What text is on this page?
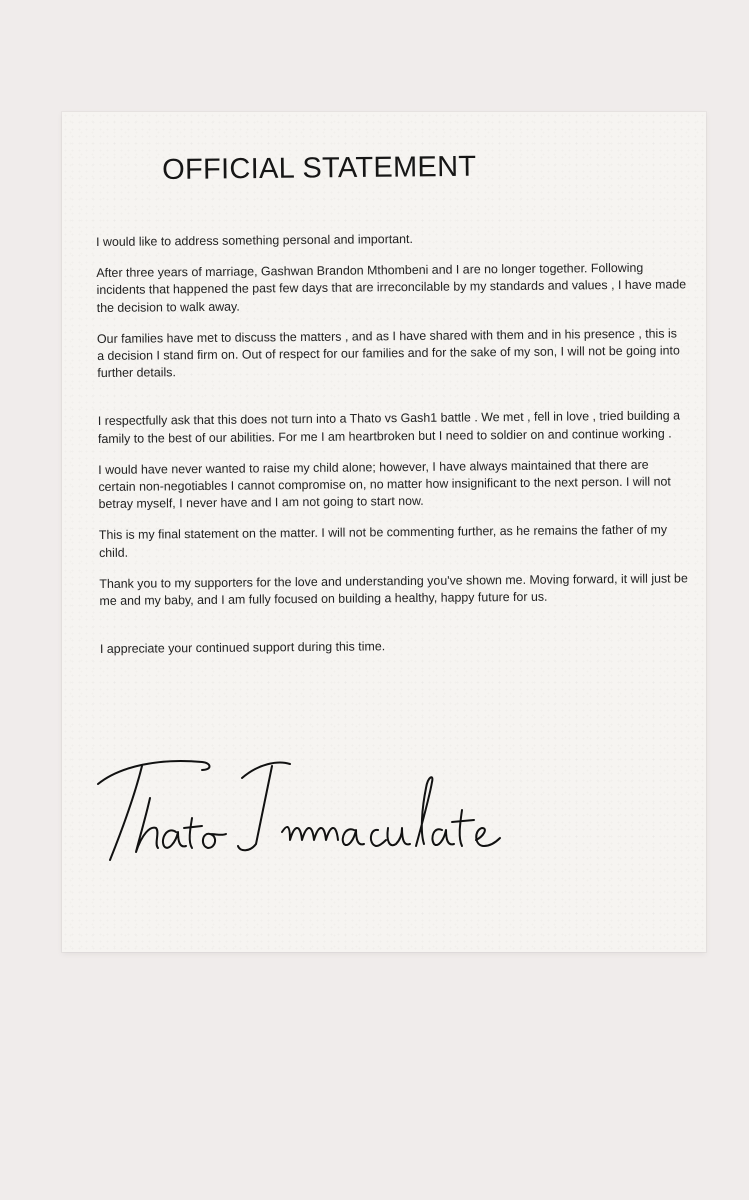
OFFICIAL STATEMENT

I would like to address something personal and important.

After three years of marriage, Gashwan Brandon Mthombeni and I are no longer together. Following incidents that happened the past few days that are irreconcilable by my standards and values , I have made the decision to walk away.

Our families have met to discuss the matters , and as I have shared with them and in his presence , this is a decision I stand firm on. Out of respect for our families and for the sake of my son, I will not be going into further details.

I respectfully ask that this does not turn into a Thato vs Gash1 battle . We met , fell in love , tried building a family to the best of our abilities. For me I am heartbroken but I need to soldier on and continue working .

I would have never wanted to raise my child alone; however, I have always maintained that there are certain non-negotiables I cannot compromise on, no matter how insignificant to the next person. I will not betray myself, I never have and I am not going to start now.

This is my final statement on the matter. I will not be commenting further, as he remains the father of my child.

Thank you to my supporters for the love and understanding you've shown me. Moving forward, it will just be me and my baby, and I am fully focused on building a healthy, happy future for us.

I appreciate your continued support during this time.
